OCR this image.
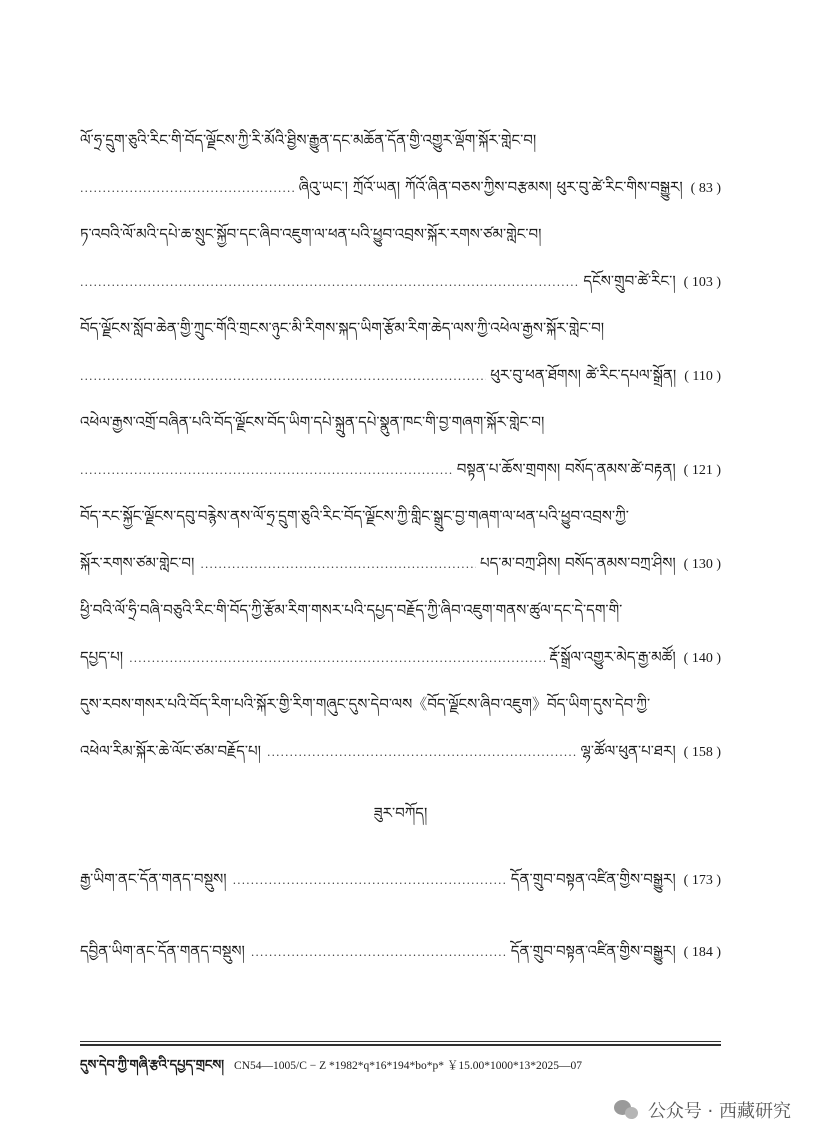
ལོ་ཧྲ་དྲུག་ཅུའི་རིང་གི་བོད་ལྗོངས་ཀྱི་རི་མོའི་ཐྱིས་རྒྱུན་དང་མཆོན་དོན་གྱི་འགྱུར་ལྡོག་སྐོར་གླེང་བ།
.....
ཞིའུ་ཡང་། ཀྲོའོ་ཡན། ཀོའོ་ཞིན་བཅས་ཀྱིས་བརྩམས། ཕུར་བུ་ཚེ་རིང་གིས་བསྒྱུར། ( 83 )
ཏ་འབའི་ལོ་མའི་དཔེ་ཆ་སྲུང་སྐྱོབ་དང་ཞིབ་འཇུག་ལ་ཕན་པའི་ཕྱུབ་འབྲས་སྐོར་རགས་ཙམ་གླེང་བ།
.....
དངོས་གྲུབ་ཚེ་རིང་། ( 103 )
བོད་ལྗོངས་སློབ་ཆེན་གྱི་ཀྲུང་གོའི་གྲངས་ཉུང་མི་རིགས་སྐད་ཡིག་རྩོམ་རིག་ཆེད་ལས་ཀྱི་འཕེལ་རྒྱས་སྐོར་གླེང་བ།
.....
ཕུར་བུ་ཕན་ཐོགས། ཚེ་རིང་དཔལ་སྒྲོན། ( 110 )
འཕེལ་རྒྱས་འགྲོ་བཞིན་པའི་བོད་ལྗོངས་བོད་ཡིག་དཔེ་སྐྲུན་དཔེ་སྣུན་ཁང་གི་བྱ་གཞག་སྐོར་གླེང་བ།
.....
བསྟན་པ་ཆོས་གྲགས། བསོད་ནམས་ཚེ་བརྟན། ( 121 )
བོད་རང་སྐྱོང་ལྗོངས་དབུ་བརྙེས་ནས་ལོ་ཧྲ་དྲུག་ཅུའི་རིང་བོད་ལྗོངས་ཀྱི་གླིང་སྒྲུང་བྱ་གཞག་ལ་ཕན་པའི་ཕྱུབ་འབྲས་ཀྱི་
སྐོར་རགས་ཙམ་གླེང་བ། .....	པད་མ་བཀྲ་ཤིས། བསོད་ནམས་བཀྲ་ཤིས། ( 130 )
ཕྱི་བའི་ལོ་ཧྲི་བཞི་བཅུའི་རིང་གི་བོད་ཀྱི་རྩོམ་རིག་གསར་པའི་དཔྱད་བརྗོད་ཀྱི་ཞིབ་འཇུག་གནས་ཚུལ་དང་དེ་དག་གི་
དཔྱད་པ། .....	རྡོ་སྒྲོལ་འགྱུར་མེད་རྒྱ་མཚོ། ( 140 )
དུས་རབས་གསར་པའི་བོད་རིག་པའི་སྐོར་གྱི་རིག་གཞུང་དུས་དེབ་ལས《བོད་ལྗོངས་ཞིབ་འཇུག》བོད་ཡིག་དུས་དེབ་ཀྱི་
འཕེལ་རིམ་སྐོར་ཆེ་ལོང་ཙམ་བརྗོད་པ། .....	ལྷ་ཚོལ་ཕུན་པ་ཐར། ( 158 )
ཟུར་བཀོད།
རྒྱ་ཡིག་ནང་དོན་གནད་བསྡུས། .....	དོན་གྲུབ་བསྟན་འཛིན་གྱིས་བསྒྱུར། ( 173 )
དབྱིན་ཡིག་ནང་དོན་གནད་བསྡུས། .....	དོན་གྲུབ་བསྟན་འཛིན་གྱིས་བསྒྱུར། ( 184 )
དུས་དེབ་ཀྱི་གཞི་རྩའི་དཔྱད་གྲངས། CN54—1005/C − Z *1982*q*16*194*bo*p* ￥15.00*1000*13*2025—07
公众号 · 西藏研究
